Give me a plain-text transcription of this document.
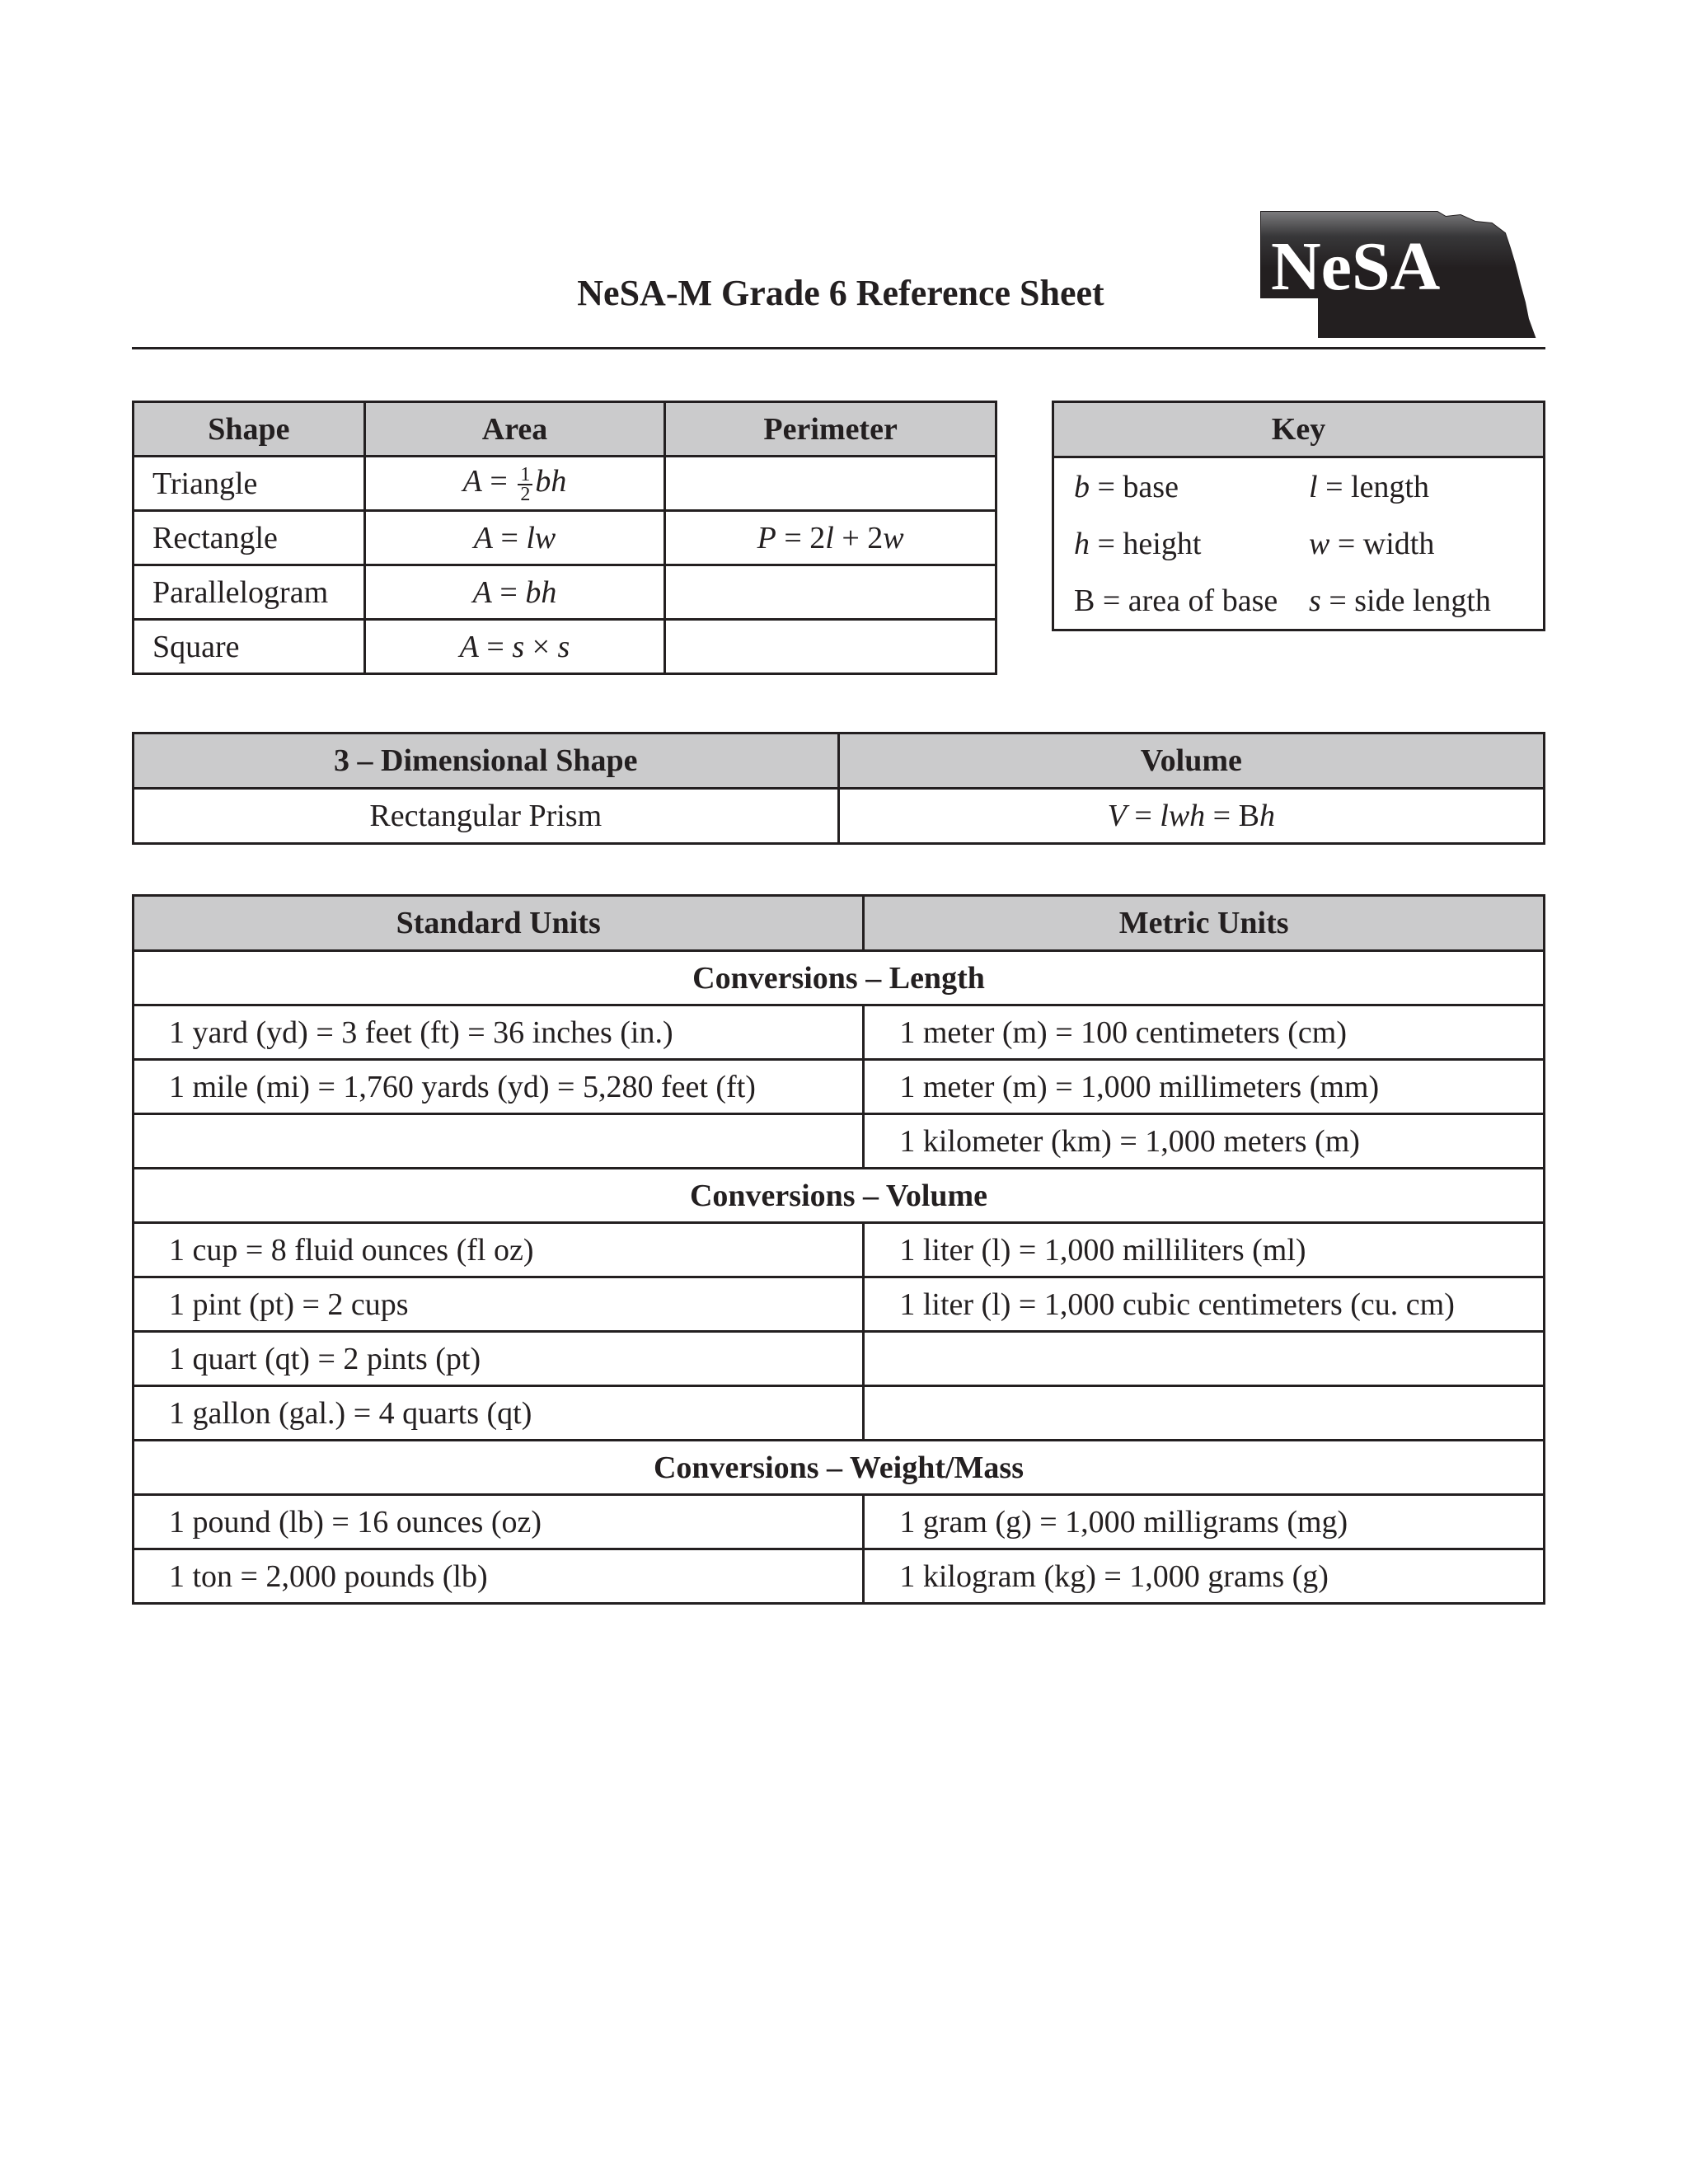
NeSA-M Grade 6 Reference Sheet	NeSA
Shape	Area	Perimeter
Triangle	$A = \frac{1}{2}$ bh	
Rectangle	A = lw	P = 2l + 2w
Parallelogram	A = bh	
Square	A = s × s	
Key	
b = base	l = length
h = height	w = width
B = area of base	s = side length
3 – Dimensional Shape	Volume
Rectangular Prism	V = lwh = Bh
Standard Units	Metric Units
Conversions – Length	
1 yard (yd) = 3 feet (ft) = 36 inches (in.)	1 meter (m) = 100 centimeters (cm)
1 mile (mi) = 1,760 yards (yd) = 5,280 feet (ft)	1 meter (m) = 1,000 millimeters (mm)
	1 kilometer (km) = 1,000 meters (m)
Conversions – Volume	
1 cup = 8 fluid ounces (fl oz)	1 liter (l) = 1,000 milliliters (ml)
1 pint (pt) = 2 cups	1 liter (l) = 1,000 cubic centimeters (cu. cm)
1 quart (qt) = 2 pints (pt)	
1 gallon (gal.) = 4 quarts (qt)	
Conversions – Weight/Mass	
1 pound (lb) = 16 ounces (oz)	1 gram (g) = 1,000 milligrams (mg)
1 ton = 2,000 pounds (lb)	1 kilogram (kg) = 1,000 grams (g)
